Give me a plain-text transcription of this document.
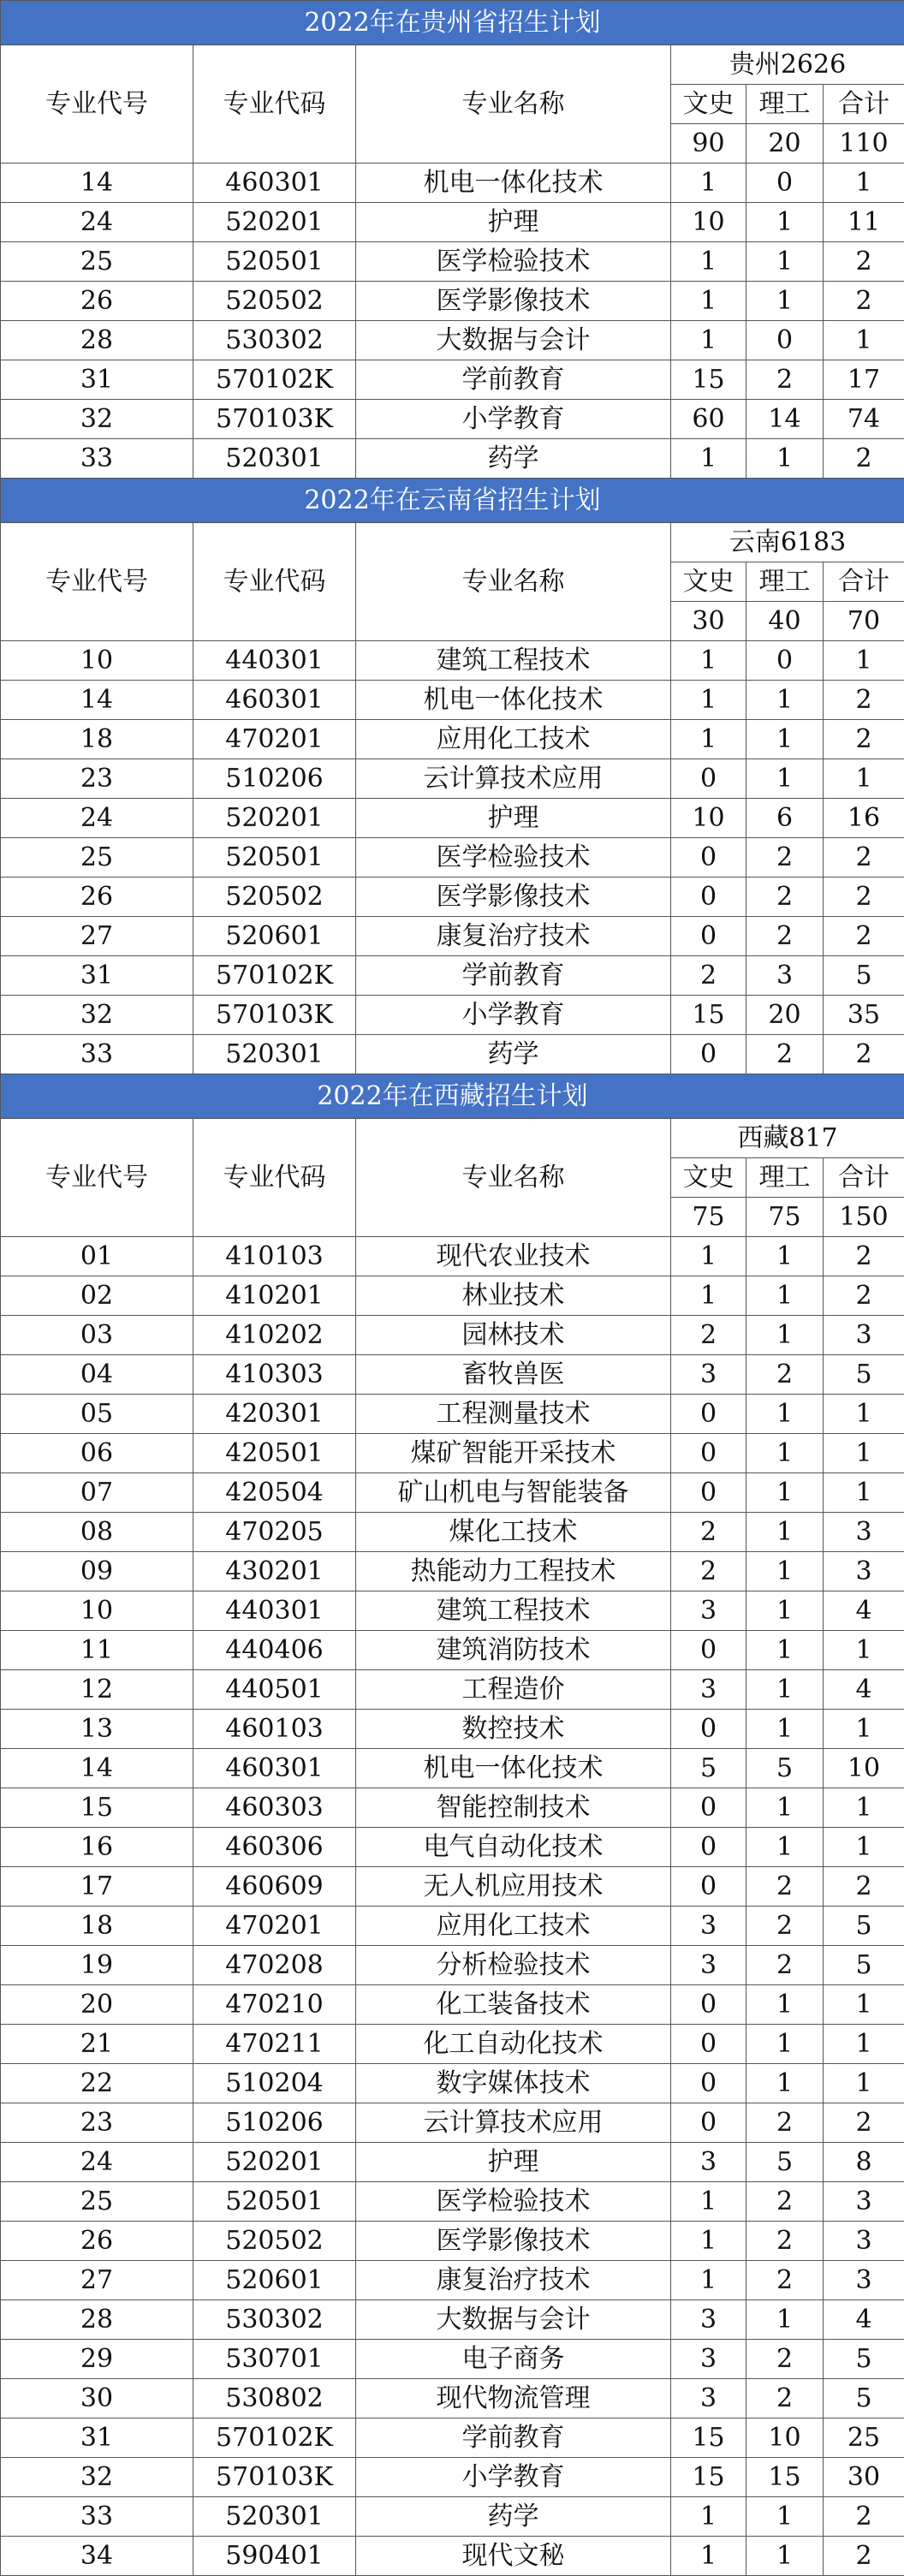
2022年在贵州省招生计划					
专业代号	专业代码	专业名称	贵州2626		
			文史	理工	合计
			90	20	110
14	460301	机电一体化技术	1	0	1
24	520201	护理	10	1	11
25	520501	医学检验技术	1	1	2
26	520502	医学影像技术	1	1	2
28	530302	大数据与会计	1	0	1
31	570102K	学前教育	15	2	17
32	570103K	小学教育	60	14	74
33	520301	药学	1	1	2
2022年在云南省招生计划					
专业代号	专业代码	专业名称	云南6183		
			文史	理工	合计
			30	40	70
10	440301	建筑工程技术	1	0	1
14	460301	机电一体化技术	1	1	2
18	470201	应用化工技术	1	1	2
23	510206	云计算技术应用	0	1	1
24	520201	护理	10	6	16
25	520501	医学检验技术	0	2	2
26	520502	医学影像技术	0	2	2
27	520601	康复治疗技术	0	2	2
31	570102K	学前教育	2	3	5
32	570103K	小学教育	15	20	35
33	520301	药学	0	2	2
2022年在西藏招生计划					
专业代号	专业代码	专业名称	西藏817		
			文史	理工	合计
			75	75	150
01	410103	现代农业技术	1	1	2
02	410201	林业技术	1	1	2
03	410202	园林技术	2	1	3
04	410303	畜牧兽医	3	2	5
05	420301	工程测量技术	0	1	1
06	420501	煤矿智能开采技术	0	1	1
07	420504	矿山机电与智能装备	0	1	1
08	470205	煤化工技术	2	1	3
09	430201	热能动力工程技术	2	1	3
10	440301	建筑工程技术	3	1	4
11	440406	建筑消防技术	0	1	1
12	440501	工程造价	3	1	4
13	460103	数控技术	0	1	1
14	460301	机电一体化技术	5	5	10
15	460303	智能控制技术	0	1	1
16	460306	电气自动化技术	0	1	1
17	460609	无人机应用技术	0	2	2
18	470201	应用化工技术	3	2	5
19	470208	分析检验技术	3	2	5
20	470210	化工装备技术	0	1	1
21	470211	化工自动化技术	0	1	1
22	510204	数字媒体技术	0	1	1
23	510206	云计算技术应用	0	2	2
24	520201	护理	3	5	8
25	520501	医学检验技术	1	2	3
26	520502	医学影像技术	1	2	3
27	520601	康复治疗技术	1	2	3
28	530302	大数据与会计	3	1	4
29	530701	电子商务	3	2	5
30	530802	现代物流管理	3	2	5
31	570102K	学前教育	15	10	25
32	570103K	小学教育	15	15	30
33	520301	药学	1	1	2
34	590401	现代文秘	1	1	2
